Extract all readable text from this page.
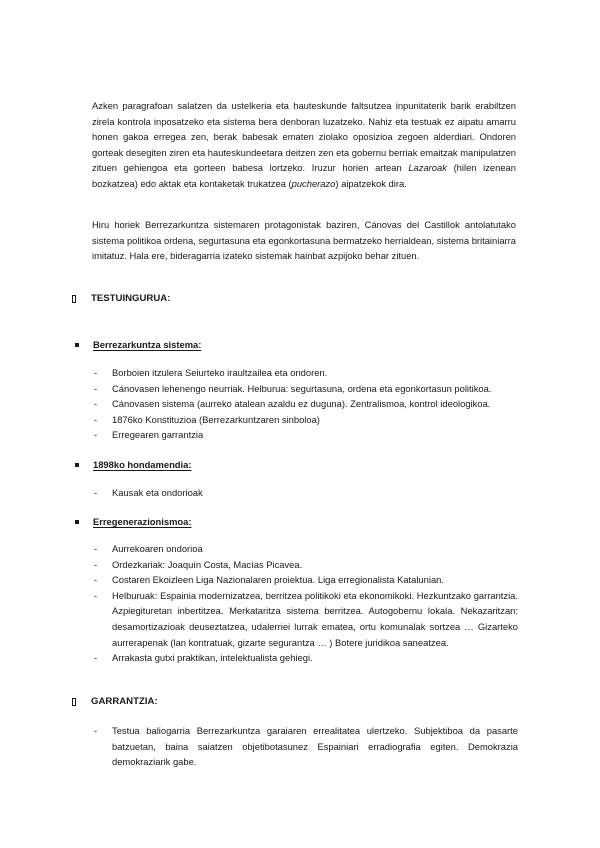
Azken paragrafoan salatzen da ustelkeria eta hauteskunde faltsutzea inpunitaterik barik erabiltzen zirela kontrola inposatzeko eta sistema bera denboran luzatzeko. Nahiz eta testuak ez aipatu amarru honen gakoa erregea zen, berak babesak ematen ziolako oposizioa zegoen alderdiari. Ondoren gorteak desegiten ziren eta hauteskundeetara deitzen zen eta gobernu berriak emaitzak manipulatzen zituen gehiengoa eta gorteen babesa lortzeko. Iruzur horien artean Lazaroak (hilen izenean bozkatzea) edo aktak eta kontaketak trukatzea (pucherazo) aipatzekok dira.

Hiru horiek Berrezarkuntza sistemaren protagonistak baziren, Cánovas del Castillok antolatutako sistema politikoa ordena, segurtasuna eta egonkortasuna bermatzeko herrialdean, sistema britainiarra imitatuz. Hala ere, bideragarria izateko sistemak hainbat azpijoko behar zituen.

TESTUINGURUA:
Berrezarkuntza sistema:
- Borboien itzulera Seiurteko iraultzailea eta ondoren.
- Cánovasen lehenengo neurriak. Helburua: segurtasuna, ordena eta egonkortasun politikoa.
- Cánovasen sistema (aurreko atalean azaldu ez duguna). Zentralismoa, kontrol ideologikoa.
- 1876ko Konstituzioa (Berrezarkuntzaren sinboloa)
- Erregearen garrantzia
1898ko hondamendia:
- Kausak eta ondorioak
Erregenerazionismoa:
- Aurrekoaren ondorioa
- Ordezkariak: Joaquín Costa, Macías Picavea.
- Costaren Ekoizleen Liga Nazionalaren proiektua. Liga erregionalista Katalunian.
- Helburuak: Espainia modernizatzea, berritzea politikoki eta ekonomikoki. Hezkuntzako garrantzia. Azpiegituretan inbertitzea. Merkataritza sistema berritzea. Autogobernu lokala. Nekazaritzan: desamortizazioak deuseztatzea, udalerriei lurrak ematea, ortu komunalak sortzea … Gizarteko aurrerapenak (lan kontratuak, gizarte segurantza … ) Botere juridikoa saneatzea.
- Arrakasta gutxi praktikan, intelektualista gehiegi.
GARRANTZIA:
- Testua baliogarria Berrezarkuntza garaiaren errealitatea ulertzeko. Subjektiboa da pasarte batzuetan, baina saiatzen objetibotasunez Espainiari erradiografia egiten. Demokrazia demokraziarik gabe.
